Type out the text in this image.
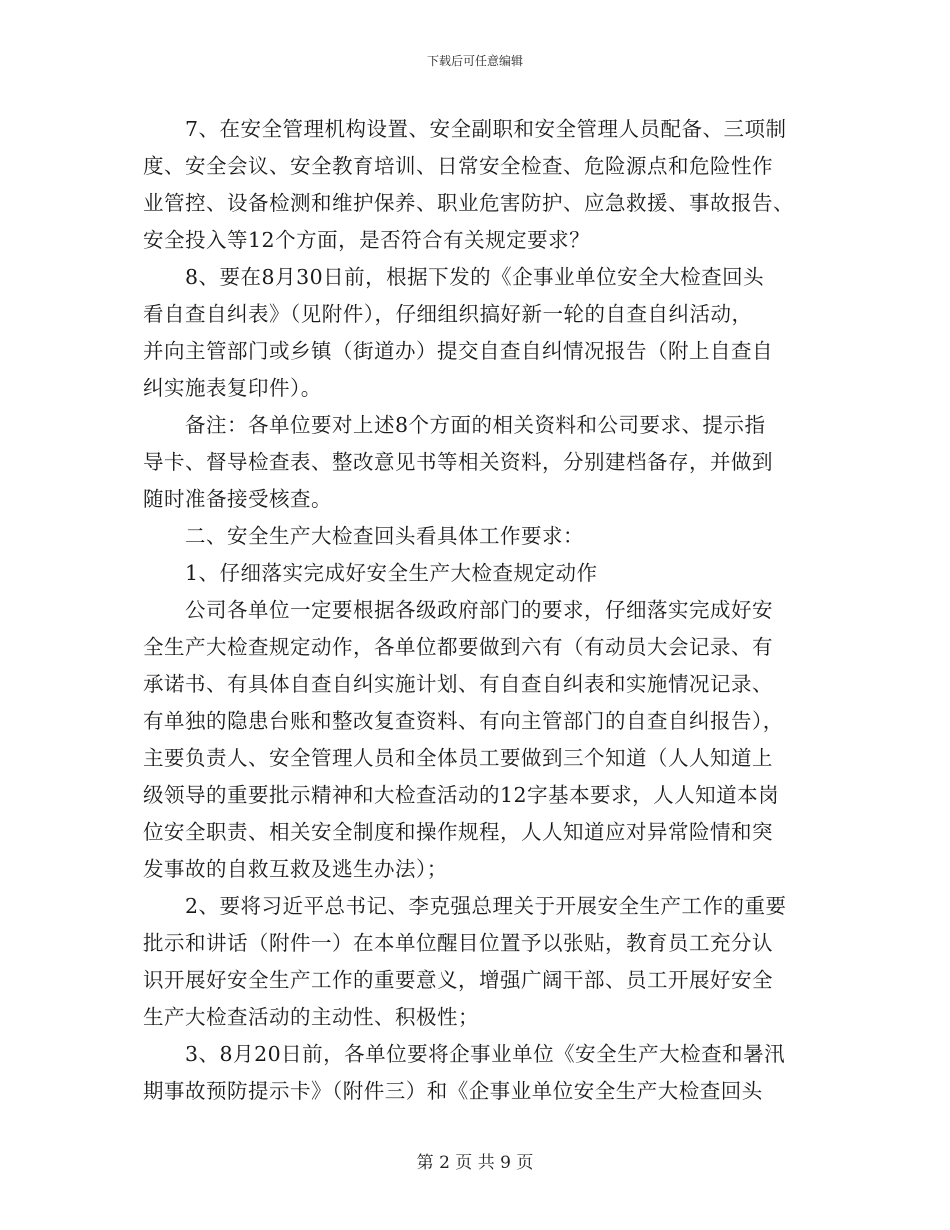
下载后可任意编辑
　　7、在安全管理机构设置、安全副职和安全管理人员配备、三项制
度、安全会议、安全教育培训、日常安全检查、危险源点和危险性作
业管控、设备检测和维护保养、职业危害防护、应急救援、事故报告、
安全投入等12个方面，是否符合有关规定要求？
　　8、要在8月30日前，根据下发的《企事业单位安全大检查回头
看自查自纠表》（见附件），仔细组织搞好新一轮的自查自纠活动，
并向主管部门或乡镇（街道办）提交自查自纠情况报告（附上自查自
纠实施表复印件）。
　　备注：各单位要对上述8个方面的相关资料和公司要求、提示指
导卡、督导检查表、整改意见书等相关资料，分别建档备存，并做到
随时准备接受核查。
　　二、安全生产大检查回头看具体工作要求：
　　1、仔细落实完成好安全生产大检查规定动作
　　公司各单位一定要根据各级政府部门的要求，仔细落实完成好安
全生产大检查规定动作，各单位都要做到六有（有动员大会记录、有
承诺书、有具体自查自纠实施计划、有自查自纠表和实施情况记录、
有单独的隐患台账和整改复查资料、有向主管部门的自查自纠报告），
主要负责人、安全管理人员和全体员工要做到三个知道（人人知道上
级领导的重要批示精神和大检查活动的12字基本要求，人人知道本岗
位安全职责、相关安全制度和操作规程，人人知道应对异常险情和突
发事故的自救互救及逃生办法）；
　　2、要将习近平总书记、李克强总理关于开展安全生产工作的重要
批示和讲话（附件一）在本单位醒目位置予以张贴，教育员工充分认
识开展好安全生产工作的重要意义，增强广阔干部、员工开展好安全
生产大检查活动的主动性、积极性；
　　3、8月20日前，各单位要将企事业单位《安全生产大检查和暑汛
期事故预防提示卡》（附件三）和《企事业单位安全生产大检查回头
第 2 页 共 9 页
